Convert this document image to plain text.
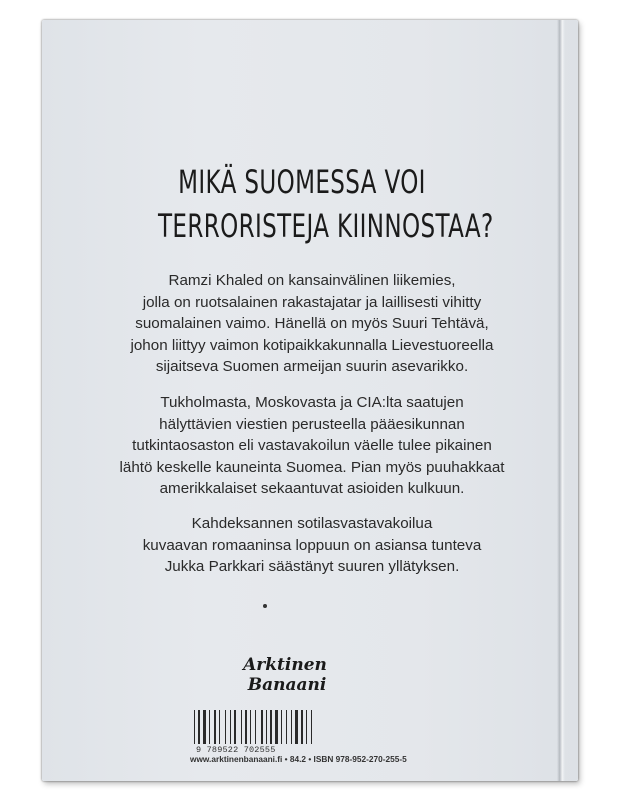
MIKÄ SUOMESSA VOI
TERRORISTEJA KIINNOSTAA?
Ramzi Khaled on kansainvälinen liikemies,
jolla on ruotsalainen rakastajatar ja laillisesti vihitty
suomalainen vaimo. Hänellä on myös Suuri Tehtävä,
johon liittyy vaimon kotipaikkakunnalla Lievestuoreella
sijaitseva Suomen armeijan suurin asevarikko.
Tukholmasta, Moskovasta ja CIA:lta saatujen
hälyttävien viestien perusteella pääesikunnan
tutkintaosaston eli vastavakoilun väelle tulee pikainen
lähtö keskelle kauneinta Suomea. Pian myös puuhakkaat
amerikkalaiset sekaantuvat asioiden kulkuun.
Kahdeksannen sotilasvastavakoilua
kuvaavan romaaninsa loppuun on asiansa tunteva
Jukka Parkkari säästänyt suuren yllätyksen.
Arktinen
Banaani
9 789522 702555
www.arktinenbanaani.fi • 84.2 • ISBN 978-952-270-255-5
